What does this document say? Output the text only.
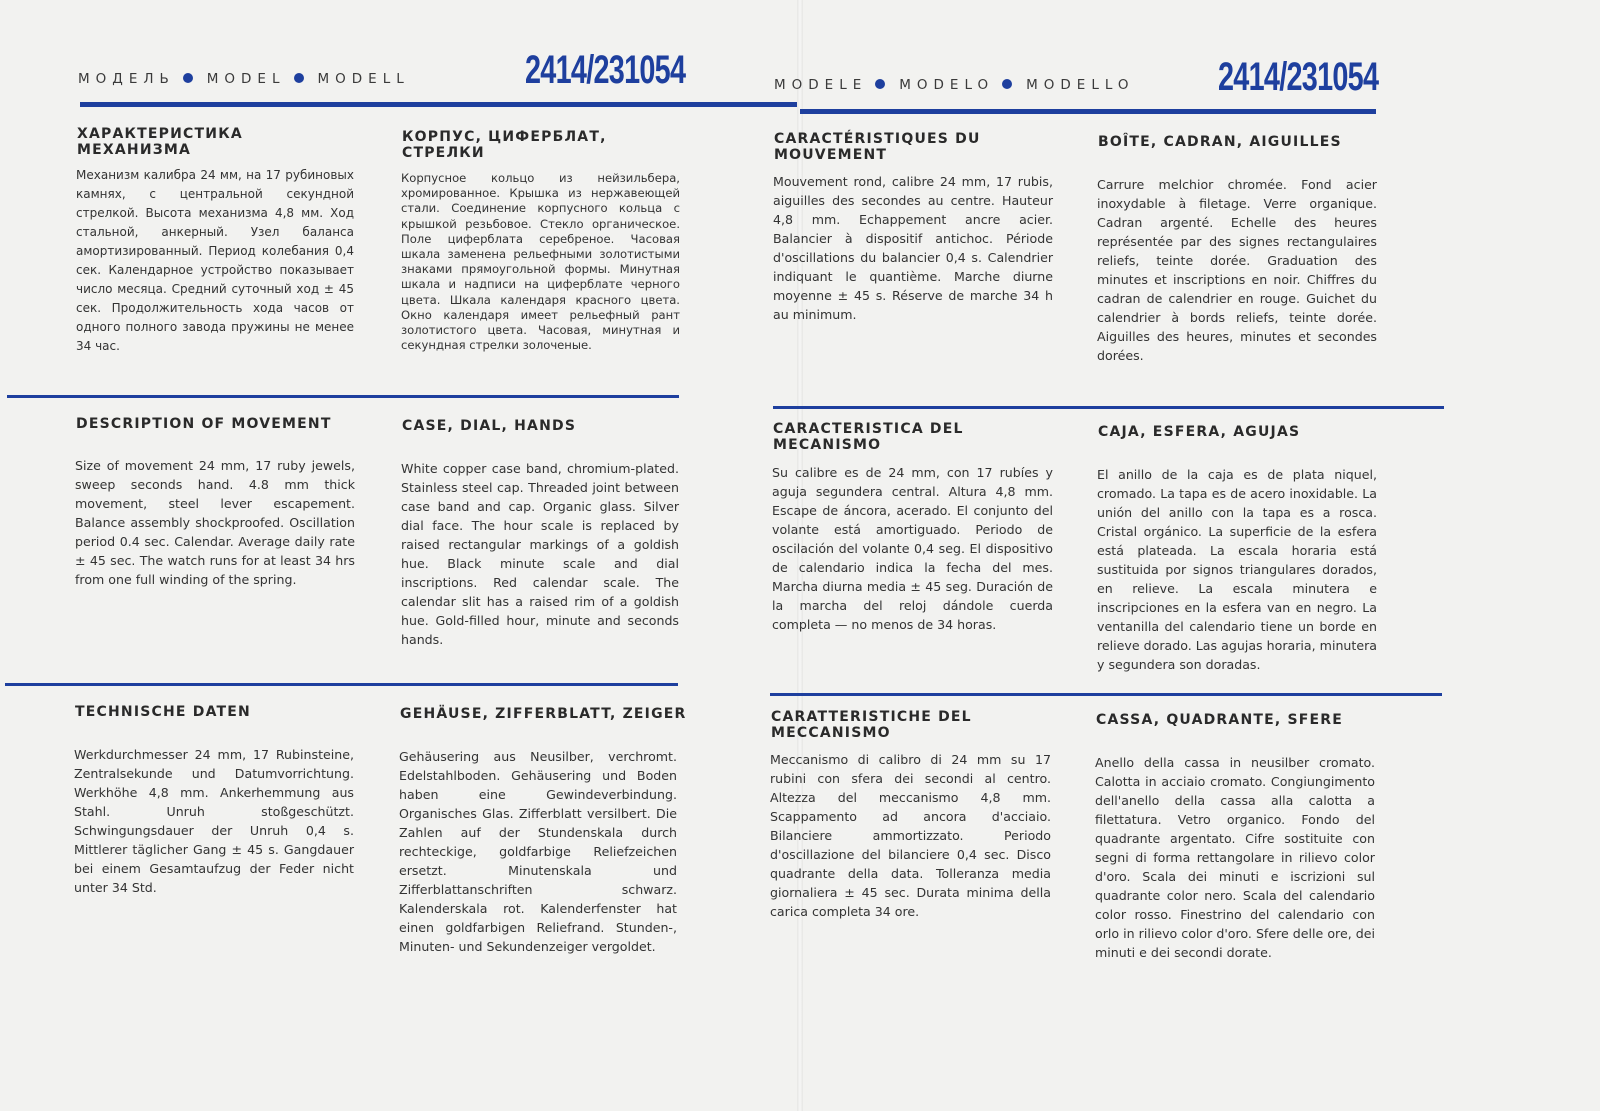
МОДЕЛЬ MODEL MODELL	2414/231054
ХАРАКТЕРИСТИКА МЕХАНИЗМА
Механизм калибра 24 мм, на 17 рубиновых камнях, с центральной секундной стрелкой. Высота механизма 4,8 мм. Ход стальной, анкерный. Узел баланса амортизированный. Период колебания 0,4 сек. Календарное устройство показывает число месяца. Средний суточный ход ± 45 сек. Продолжительность хода часов от одного полного завода пружины не менее 34 час.
КОРПУС, ЦИФЕРБЛАТ, СТРЕЛКИ
Корпусное кольцо из нейзильбера, хромированное. Крышка из нержавеющей стали. Соединение корпусного кольца с крышкой резьбовое. Стекло органическое. Поле циферблата серебреное. Часовая шкала заменена рельефными золотистыми знаками прямоугольной формы. Минутная шкала и надписи на циферблате черного цвета. Шкала календаря красного цвета. Окно календаря имеет рельефный рант золотистого цвета. Часовая, минутная и секундная стрелки золоченые.
DESCRIPTION OF MOVEMENT
Size of movement 24 mm, 17 ruby jewels, sweep seconds hand. 4.8 mm thick movement, steel lever escapement. Balance assembly shockproofed. Oscillation period 0.4 sec. Calendar. Average daily rate ± 45 sec. The watch runs for at least 34 hrs from one full winding of the spring.
CASE, DIAL, HANDS
White copper case band, chromium-plated. Stainless steel cap. Threaded joint between case band and cap. Organic glass. Silver dial face. The hour scale is replaced by raised rectangular markings of a goldish hue. Black minute scale and dial inscriptions. Red calendar scale. The calendar slit has a raised rim of a goldish hue. Gold-filled hour, minute and seconds hands.
TECHNISCHE DATEN
Werkdurchmesser 24 mm, 17 Rubinsteine, Zentralsekunde und Datumvorrichtung. Werkhöhe 4,8 mm. Ankerhemmung aus Stahl. Unruh stoßgeschützt. Schwingungsdauer der Unruh 0,4 s. Mittlerer täglicher Gang ± 45 s. Gangdauer bei einem Gesamtaufzug der Feder nicht unter 34 Std.
GEHÄUSE, ZIFFERBLATT, ZEIGER
Gehäusering aus Neusilber, verchromt. Edelstahlboden. Gehäusering und Boden haben eine Gewindeverbindung. Organisches Glas. Zifferblatt versilbert. Die Zahlen auf der Stundenskala durch rechteckige, goldfarbige Reliefzeichen ersetzt. Minutenskala und Zifferblattanschriften schwarz. Kalenderskala rot. Kalenderfenster hat einen goldfarbigen Reliefrand. Stunden-, Minuten- und Sekundenzeiger vergoldet.
MODELE MODELO MODELLO 2414/231054
CARACTÉRISTIQUES DU MOUVEMENT
Mouvement rond, calibre 24 mm, 17 rubis, aiguilles des secondes au centre. Hauteur 4,8 mm. Echappement ancre acier. Balancier à dispositif antichoc. Période d'oscillations du balancier 0,4 s. Calendrier indiquant le quantième. Marche diurne moyenne ± 45 s. Réserve de marche 34 h au minimum.
BOÎTE, CADRAN, AIGUILLES
Carrure melchior chromée. Fond acier inoxydable à filetage. Verre organique. Cadran argenté. Echelle des heures représentée par des signes rectangulaires reliefs, teinte dorée. Graduation des minutes et inscriptions en noir. Chiffres du cadran de calendrier en rouge. Guichet du calendrier à bords reliefs, teinte dorée. Aiguilles des heures, minutes et secondes dorées.
CARACTERISTICA DEL MECANISMO
Su calibre es de 24 mm, con 17 rubíes y aguja segundera central. Altura 4,8 mm. Escape de áncora, acerado. El conjunto del volante está amortiguado. Periodo de oscilación del volante 0,4 seg. El dispositivo de calendario indica la fecha del mes. Marcha diurna media ± 45 seg. Duración de la marcha del reloj dándole cuerda completa — no menos de 34 horas.
CAJA, ESFERA, AGUJAS
El anillo de la caja es de plata niquel, cromado. La tapa es de acero inoxidable. La unión del anillo con la tapa es a rosca. Cristal orgánico. La superficie de la esfera está plateada. La escala horaria está sustituida por signos triangulares dorados, en relieve. La escala minutera e inscripciones en la esfera van en negro. La ventanilla del calendario tiene un borde en relieve dorado. Las agujas horaria, minutera y segundera son doradas.
CARATTERISTICHE DEL MECCANISMO
Meccanismo di calibro di 24 mm su 17 rubini con sfera dei secondi al centro. Altezza del meccanismo 4,8 mm. Scappamento ad ancora d'acciaio. Bilanciere ammortizzato. Periodo d'oscillazione del bilanciere 0,4 sec. Disco quadrante della data. Tolleranza media giornaliera ± 45 sec. Durata minima della carica completa 34 ore.
CASSA, QUADRANTE, SFERE
Anello della cassa in neusilber cromato. Calotta in acciaio cromato. Congiungimento dell'anello della cassa alla calotta a filettatura. Vetro organico. Fondo del quadrante argentato. Cifre sostituite con segni di forma rettangolare in rilievo color d'oro. Scala dei minuti e iscrizioni sul quadrante color nero. Scala del calendario color rosso. Finestrino del calendario con orlo in rilievo color d'oro. Sfere delle ore, dei minuti e dei secondi dorate.
